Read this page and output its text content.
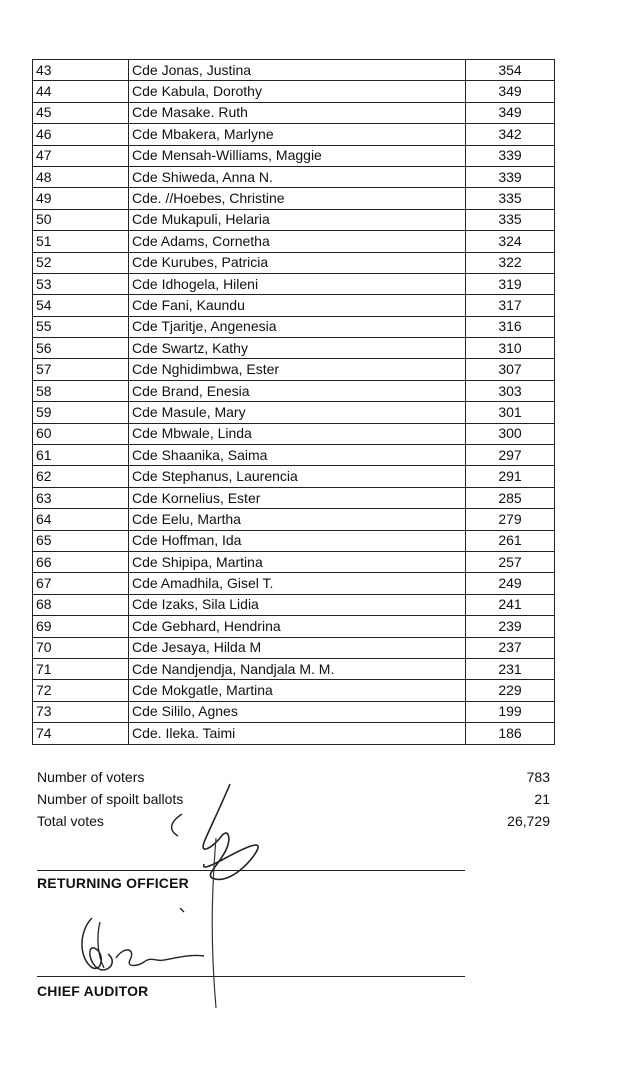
43	Cde Jonas, Justina	354
44	Cde Kabula, Dorothy	349
45	Cde Masake. Ruth	349
46	Cde Mbakera, Marlyne	342
47	Cde Mensah-Williams, Maggie	339
48	Cde Shiweda, Anna N.	339
49	Cde. //Hoebes, Christine	335
50	Cde Mukapuli, Helaria	335
51	Cde Adams, Cornetha	324
52	Cde Kurubes, Patricia	322
53	Cde Idhogela, Hileni	319
54	Cde Fani, Kaundu	317
55	Cde Tjaritje, Angenesia	316
56	Cde Swartz, Kathy	310
57	Cde Nghidimbwa, Ester	307
58	Cde Brand, Enesia	303
59	Cde Masule, Mary	301
60	Cde Mbwale, Linda	300
61	Cde Shaanika, Saima	297
62	Cde Stephanus, Laurencia	291
63	Cde Kornelius, Ester	285
64	Cde Eelu, Martha	279
65	Cde Hoffman, Ida	261
66	Cde Shipipa, Martina	257
67	Cde Amadhila, Gisel T.	249
68	Cde Izaks, Sila Lidia	241
69	Cde Gebhard, Hendrina	239
70	Cde Jesaya, Hilda M	237
71	Cde Nandjendja, Nandjala M. M.	231
72	Cde Mokgatle, Martina	229
73	Cde Sililo, Agnes	199
74	Cde. Ileka. Taimi	186
Number of voters	783
Number of spoilt ballots	21
Total votes	26,729
RETURNING OFFICER
CHIEF AUDITOR
